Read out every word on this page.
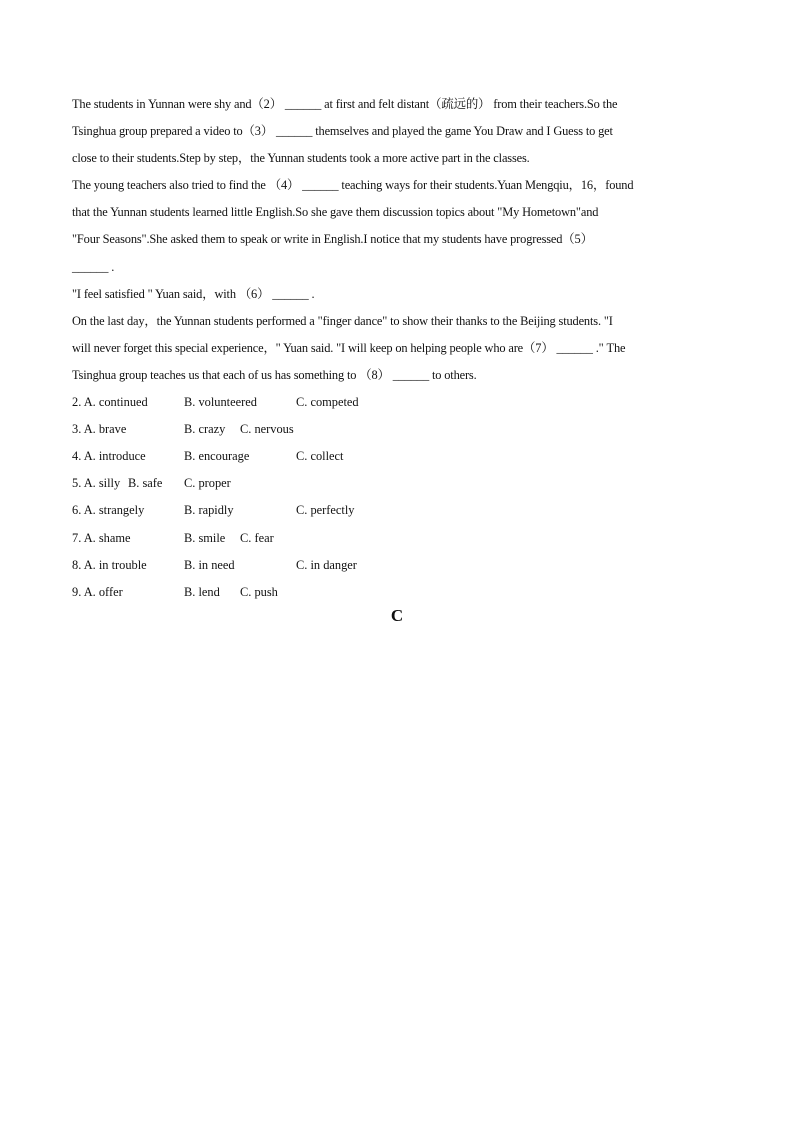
The students in Yunnan were shy and（2） ______ at first and felt distant（疏远的） from their teachers.So the
Tsinghua group prepared a video to（3） ______ themselves and played the game You Draw and I Guess to get
close to their students.Step by step，the Yunnan students took a more active part in the classes.
The young teachers also tried to find the （4） ______ teaching ways for their students.Yuan Mengqiu，16，found
that the Yunnan students learned little English.So she gave them discussion topics about "My Hometown"and
"Four Seasons".She asked them to speak or write in English.I notice that my students have progressed（5）
______ .
"I feel satisfied " Yuan said，with （6） ______ .
On the last day，the Yunnan students performed a "finger dance" to show their thanks to the Beijing students. "I
will never forget this special experience，" Yuan said. "I will keep on helping people who are（7） ______ ." The
Tsinghua group teaches us that each of us has something to （8） ______ to others.
2. A. continued	B. volunteered	C. competed
3. A. brave	B. crazy C. nervous
4. A. introduce	B. encourage	C. collect
5. A. silly B. safe C. proper
6. A. strangely	B. rapidly	C. perfectly
7. A. shame	B. smile C. fear
8. A. in trouble	B. in need	C. in danger
9. A. offer	B. lend C. push
C
